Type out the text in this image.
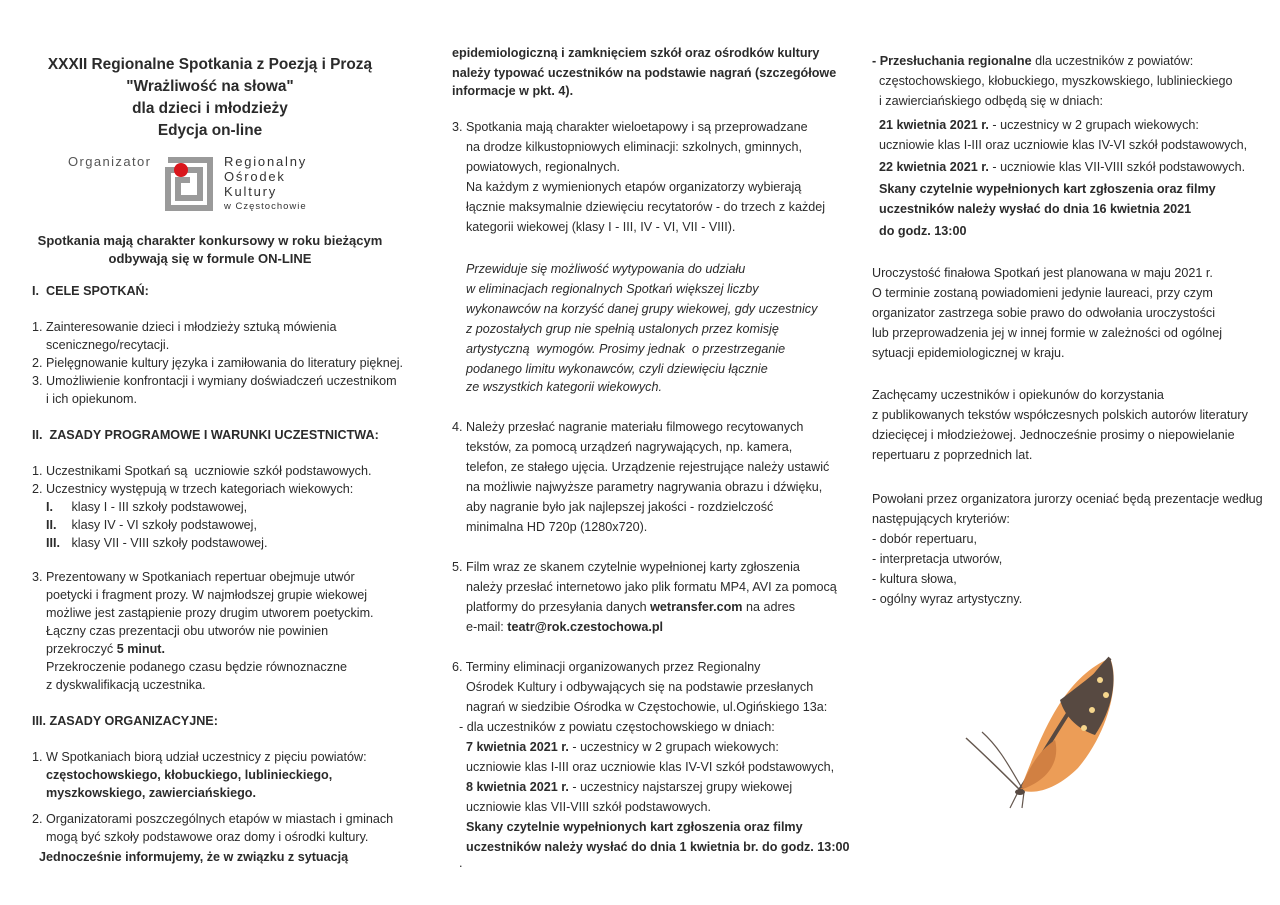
XXXII Regionalne Spotkania z Poezją i Prozą
"Wrażliwość na słowa"
dla dzieci i młodzieży
Edycja on-line
Organizator	Regionalny
Ośrodek
Kultury
w Częstochowie
Spotkania mają charakter konkursowy w roku bieżącym
odbywają się w formule ON-LINE
I.  CELE SPOTKAŃ:
1. Zainteresowanie dzieci i młodzieży sztuką mówienia
scenicznego/recytacji.
2. Pielęgnowanie kultury języka i zamiłowania do literatury pięknej.
3. Umożliwienie konfrontacji i wymiany doświadczeń uczestnikom
i ich opiekunom.
II.  ZASADY PROGRAMOWE I WARUNKI UCZESTNICTWA:
1. Uczestnikami Spotkań są  uczniowie szkół podstawowych.
2. Uczestnicy występują w trzech kategoriach wiekowych:
I. klasy I - III szkoły podstawowej,
II. klasy IV - VI szkoły podstawowej,
III. klasy VII - VIII szkoły podstawowej.
3. Prezentowany w Spotkaniach repertuar obejmuje utwór
poetycki i fragment prozy. W najmłodszej grupie wiekowej
możliwe jest zastąpienie prozy drugim utworem poetyckim.
Łączny czas prezentacji obu utworów nie powinien
przekroczyć 5 minut.
Przekroczenie podanego czasu będzie równoznaczne
z dyskwalifikacją uczestnika.
III. ZASADY ORGANIZACYJNE:
1. W Spotkaniach biorą udział uczestnicy z pięciu powiatów:
częstochowskiego, kłobuckiego, lublinieckiego,
myszkowskiego, zawierciańskiego.
2. Organizatorami poszczególnych etapów w miastach i gminach
mogą być szkoły podstawowe oraz domy i ośrodki kultury.
Jednocześnie informujemy, że w związku z sytuacją
epidemiologiczną i zamknięciem szkół oraz ośrodków kultury
należy typować uczestników na podstawie nagrań (szczegółowe
informacje w pkt. 4).
3. Spotkania mają charakter wieloetapowy i są przeprowadzane
na drodze kilkustopniowych eliminacji: szkolnych, gminnych,
powiatowych, regionalnych.
Na każdym z wymienionych etapów organizatorzy wybierają
łącznie maksymalnie dziewięciu recytatorów - do trzech z każdej
kategorii wiekowej (klasy I - III, IV - VI, VII - VIII).
Przewiduje się możliwość wytypowania do udziału
w eliminacjach regionalnych Spotkań większej liczby
wykonawców na korzyść danej grupy wiekowej, gdy uczestnicy
z pozostałych grup nie spełnią ustalonych przez komisję
artystyczną  wymogów. Prosimy jednak  o przestrzeganie
podanego limitu wykonawców, czyli dziewięciu łącznie
ze wszystkich kategorii wiekowych.
4. Należy przesłać nagranie materiału filmowego recytowanych
tekstów, za pomocą urządzeń nagrywających, np. kamera,
telefon, ze stałego ujęcia. Urządzenie rejestrujące należy ustawić
na możliwie najwyższe parametry nagrywania obrazu i dźwięku,
aby nagranie było jak najlepszej jakości - rozdzielczość
minimalna HD 720p (1280x720).
5. Film wraz ze skanem czytelnie wypełnionej karty zgłoszenia
należy przesłać internetowo jako plik formatu MP4, AVI za pomocą
platformy do przesyłania danych wetransfer.com na adres
e-mail: teatr@rok.czestochowa.pl
6. Terminy eliminacji organizowanych przez Regionalny
Ośrodek Kultury i odbywających się na podstawie przesłanych
nagrań w siedzibie Ośrodka w Częstochowie, ul.Ogińskiego 13a:
- dla uczestników z powiatu częstochowskiego w dniach:
7 kwietnia 2021 r. - uczestnicy w 2 grupach wiekowych:
uczniowie klas I-III oraz uczniowie klas IV-VI szkół podstawowych,
8 kwietnia 2021 r. - uczestnicy najstarszej grupy wiekowej
uczniowie klas VII-VIII szkół podstawowych.
Skany czytelnie wypełnionych kart zgłoszenia oraz filmy
uczestników należy wysłać do dnia 1 kwietnia br. do godz. 13:00
.
- Przesłuchania regionalne dla uczestników z powiatów:
częstochowskiego, kłobuckiego, myszkowskiego, lublinieckiego
i zawierciańskiego odbędą się w dniach:
21 kwietnia 2021 r. - uczestnicy w 2 grupach wiekowych:
uczniowie klas I-III oraz uczniowie klas IV-VI szkół podstawowych,
22 kwietnia 2021 r. - uczniowie klas VII-VIII szkół podstawowych.
Skany czytelnie wypełnionych kart zgłoszenia oraz filmy
uczestników należy wysłać do dnia 16 kwietnia 2021
do godz. 13:00
Uroczystość finałowa Spotkań jest planowana w maju 2021 r.
O terminie zostaną powiadomieni jedynie laureaci, przy czym
organizator zastrzega sobie prawo do odwołania uroczystości
lub przeprowadzenia jej w innej formie w zależności od ogólnej
sytuacji epidemiologicznej w kraju.
Zachęcamy uczestników i opiekunów do korzystania
z publikowanych tekstów współczesnych polskich autorów literatury
dziecięcej i młodzieżowej. Jednocześnie prosimy o niepowielanie
repertuaru z poprzednich lat.
Powołani przez organizatora jurorzy oceniać będą prezentacje według
następujących kryteriów:
- dobór repertuaru,
- interpretacja utworów,
- kultura słowa,
- ogólny wyraz artystyczny.
